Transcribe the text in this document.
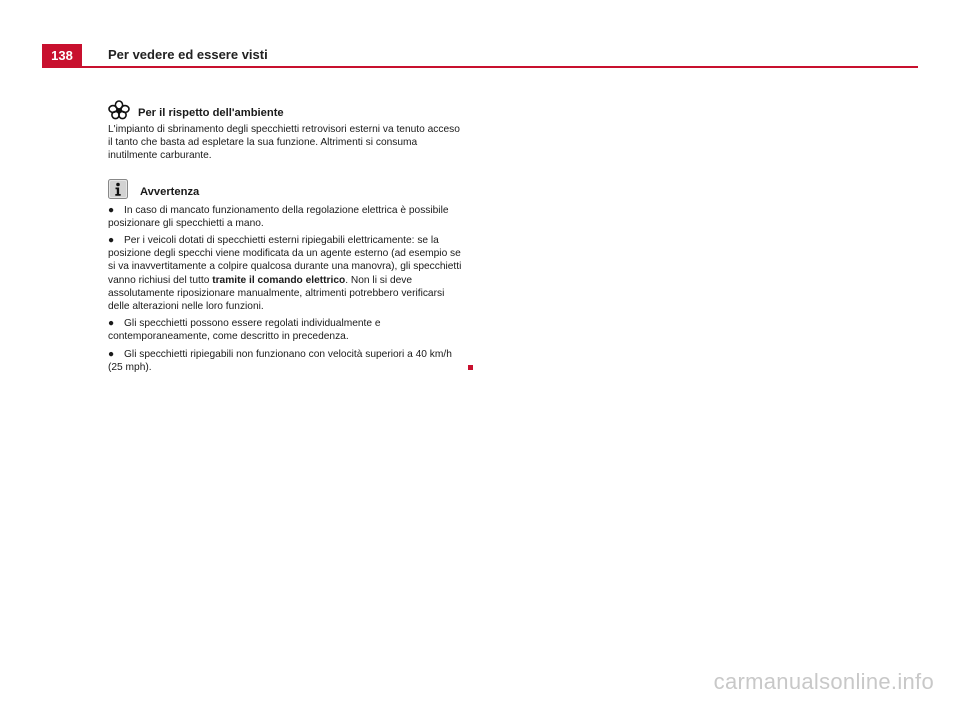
138	Per vedere ed essere visti
Per il rispetto dell'ambiente

L'impianto di sbrinamento degli specchietti retrovisori esterni va tenuto acceso il tanto che basta ad espletare la sua funzione. Altrimenti si consuma inutilmente carburante.

Avvertenza
● In caso di mancato funzionamento della regolazione elettrica è possibile posizionare gli specchietti a mano.
● Per i veicoli dotati di specchietti esterni ripiegabili elettricamente: se la posizione degli specchi viene modificata da un agente esterno (ad esempio se si va inavvertitamente a colpire qualcosa durante una manovra), gli specchietti vanno richiusi del tutto tramite il comando elettrico. Non li si deve assolutamente riposizionare manualmente, altrimenti potrebbero verificarsi delle alterazioni nelle loro funzioni.
● Gli specchietti possono essere regolati individualmente e contemporaneamente, come descritto in precedenza.
● Gli specchietti ripiegabili non funzionano con velocità superiori a 40 km/h (25 mph).
carmanualsonline.info
